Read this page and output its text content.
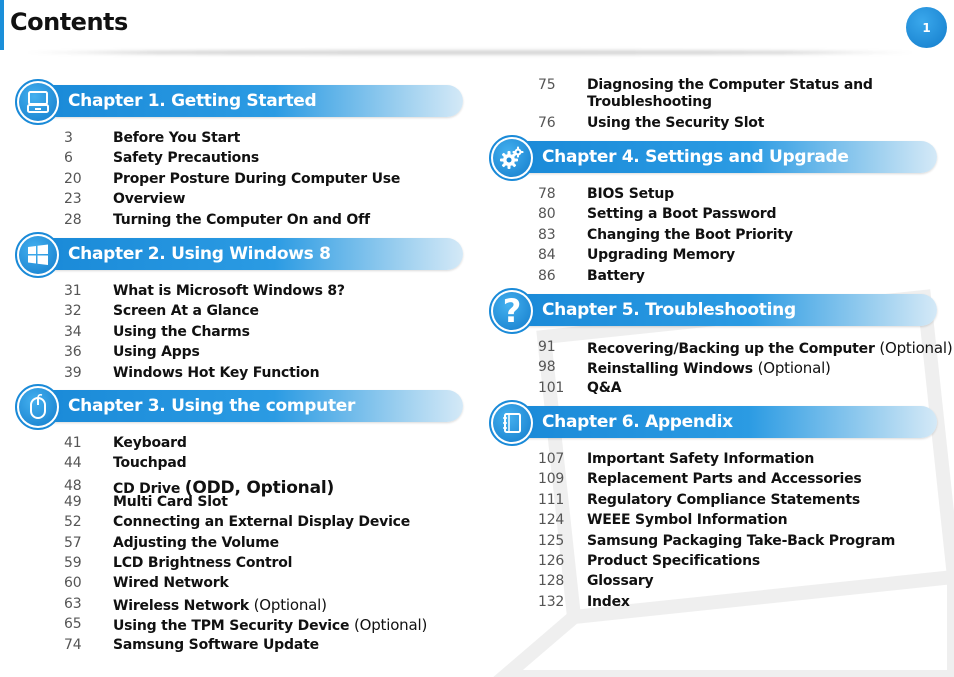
Contents	1
Chapter 1. Getting Started
3	Before You Start
6	Safety Precautions
20 Proper Posture During Computer Use
23 Overview
28 Turning the Computer On and Off
Chapter 2. Using Windows 8
31 What is Microsoft Windows 8?
32 Screen At a Glance
34 Using the Charms
36 Using Apps
39 Windows Hot Key Function
Chapter 3. Using the computer
41 Keyboard
44 Touchpad
48 CD Drive (ODD, Optional)
49 Multi Card Slot
52 Connecting an External Display Device
57 Adjusting the Volume
59 LCD Brightness Control
60 Wired Network
63 Wireless Network (Optional)
65 Using the TPM Security Device (Optional)
74 Samsung Software Update
75 Diagnosing the Computer Status and
Troubleshooting
76 Using the Security Slot
Chapter 4. Settings and Upgrade
78 BIOS Setup
80 Setting a Boot Password
83 Changing the Boot Priority
84 Upgrading Memory
86 Battery
Chapter 5. Troubleshooting
?
91 Recovering/Backing up the Computer (Optional)
98 Reinstalling Windows (Optional)
101 Q&A
Chapter 6. Appendix
107 Important Safety Information
109 Replacement Parts and Accessories
111 Regulatory Compliance Statements
124 WEEE Symbol Information
125 Samsung Packaging Take-Back Program
126 Product Specifications
128 Glossary
132 Index
